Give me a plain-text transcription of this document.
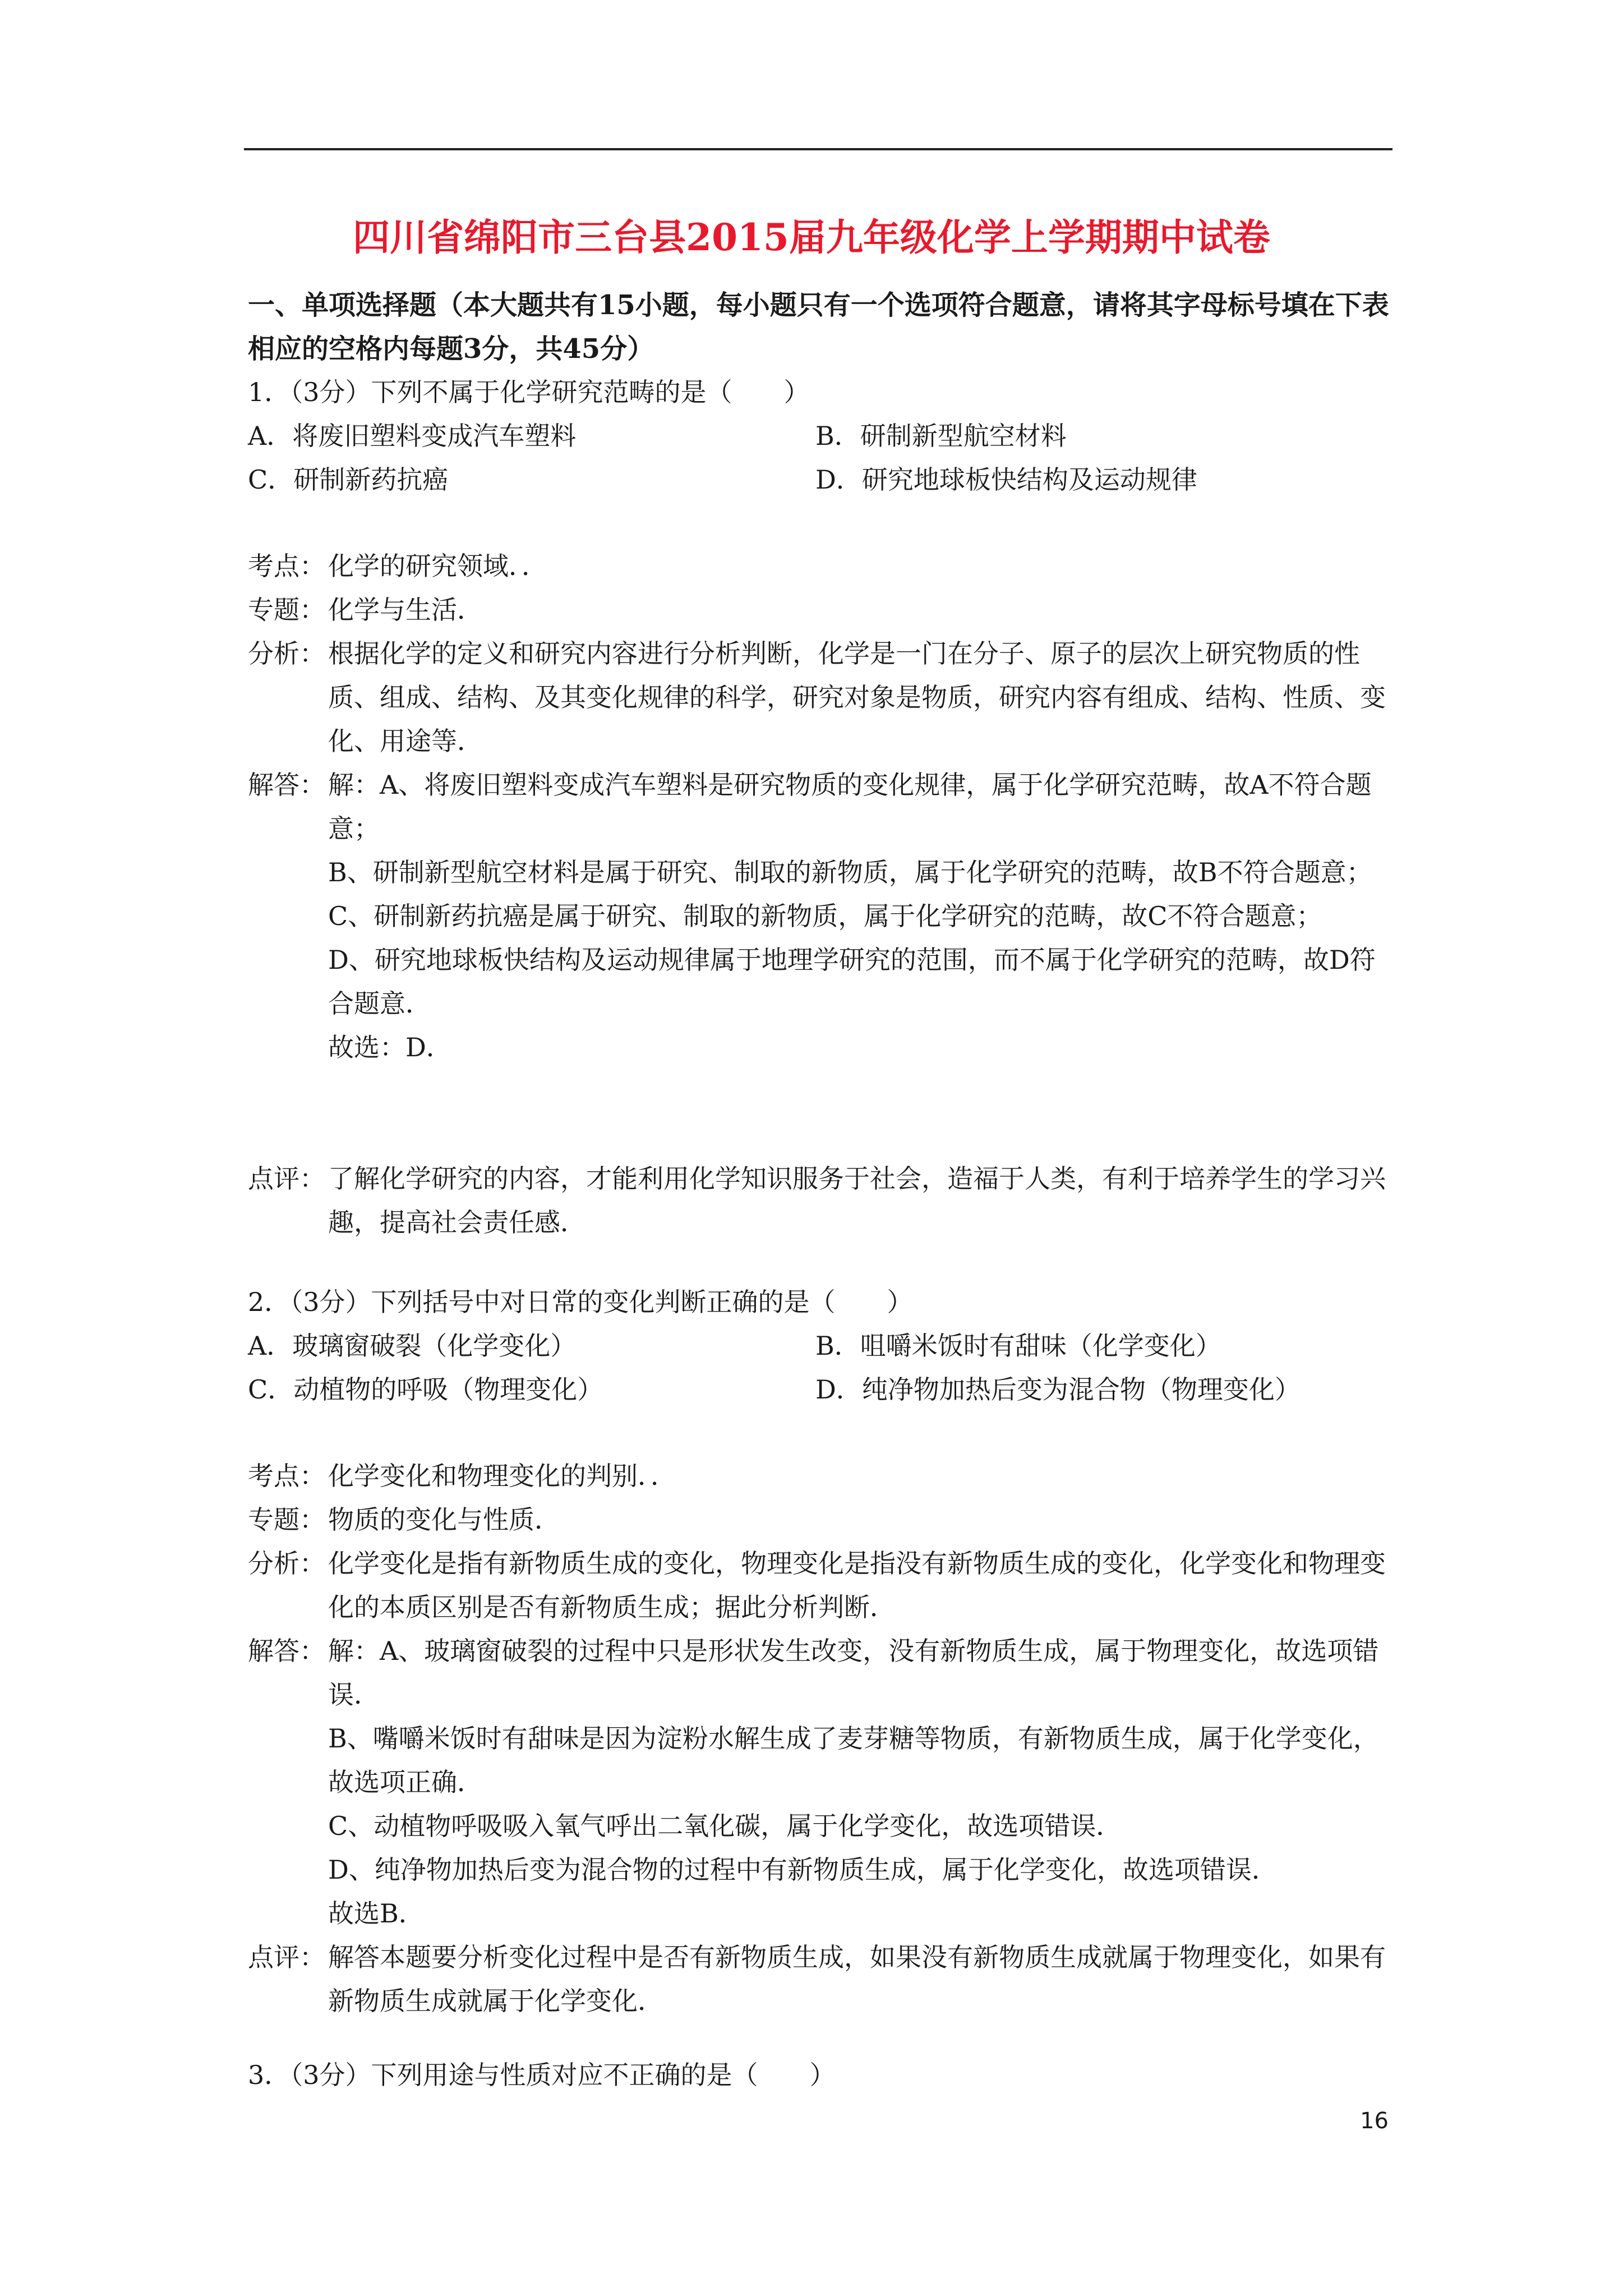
四川省绵阳市三台县2015届九年级化学上学期期中试卷
一、单项选择题（本大题共有15小题，每小题只有一个选项符合题意，请将其字母标号填在下表相应的空格内每题3分，共45分）
1．（3分）下列不属于化学研究范畴的是（　　）
A．将废旧塑料变成汽车塑料	B．研制新型航空材料
C．研制新药抗癌	D．研究地球板快结构及运动规律
考点： 化学的研究领域．．
专题： 化学与生活．
分析： 根据化学的定义和研究内容进行分析判断，化学是一门在分子、原子的层次上研究物质的性质、组成、结构、及其变化规律的科学，研究对象是物质，研究内容有组成、结构、性质、变化、用途等．
解答： 解：A、将废旧塑料变成汽车塑料是研究物质的变化规律，属于化学研究范畴，故A不符合题意；
B、研制新型航空材料是属于研究、制取的新物质，属于化学研究的范畴，故B不符合题意；
C、研制新药抗癌是属于研究、制取的新物质，属于化学研究的范畴，故C不符合题意；
D、研究地球板快结构及运动规律属于地理学研究的范围，而不属于化学研究的范畴，故D符合题意．
故选：D．
点评： 了解化学研究的内容，才能利用化学知识服务于社会，造福于人类，有利于培养学生的学习兴趣，提高社会责任感．
2．（3分）下列括号中对日常的变化判断正确的是（　　）
A．玻璃窗破裂（化学变化）	B．咀嚼米饭时有甜味（化学变化）
C．动植物的呼吸（物理变化）	D．纯净物加热后变为混合物（物理变化）
考点： 化学变化和物理变化的判别．．
专题： 物质的变化与性质．
分析： 化学变化是指有新物质生成的变化，物理变化是指没有新物质生成的变化，化学变化和物理变化的本质区别是否有新物质生成；据此分析判断．
解答： 解：A、玻璃窗破裂的过程中只是形状发生改变，没有新物质生成，属于物理变化，故选项错误．
B、嘴嚼米饭时有甜味是因为淀粉水解生成了麦芽糖等物质，有新物质生成，属于化学变化，故选项正确．
C、动植物呼吸吸入氧气呼出二氧化碳，属于化学变化，故选项错误．
D、纯净物加热后变为混合物的过程中有新物质生成，属于化学变化，故选项错误．
故选B．
点评： 解答本题要分析变化过程中是否有新物质生成，如果没有新物质生成就属于物理变化，如果有新物质生成就属于化学变化．
3．（3分）下列用途与性质对应不正确的是（　　）
16
